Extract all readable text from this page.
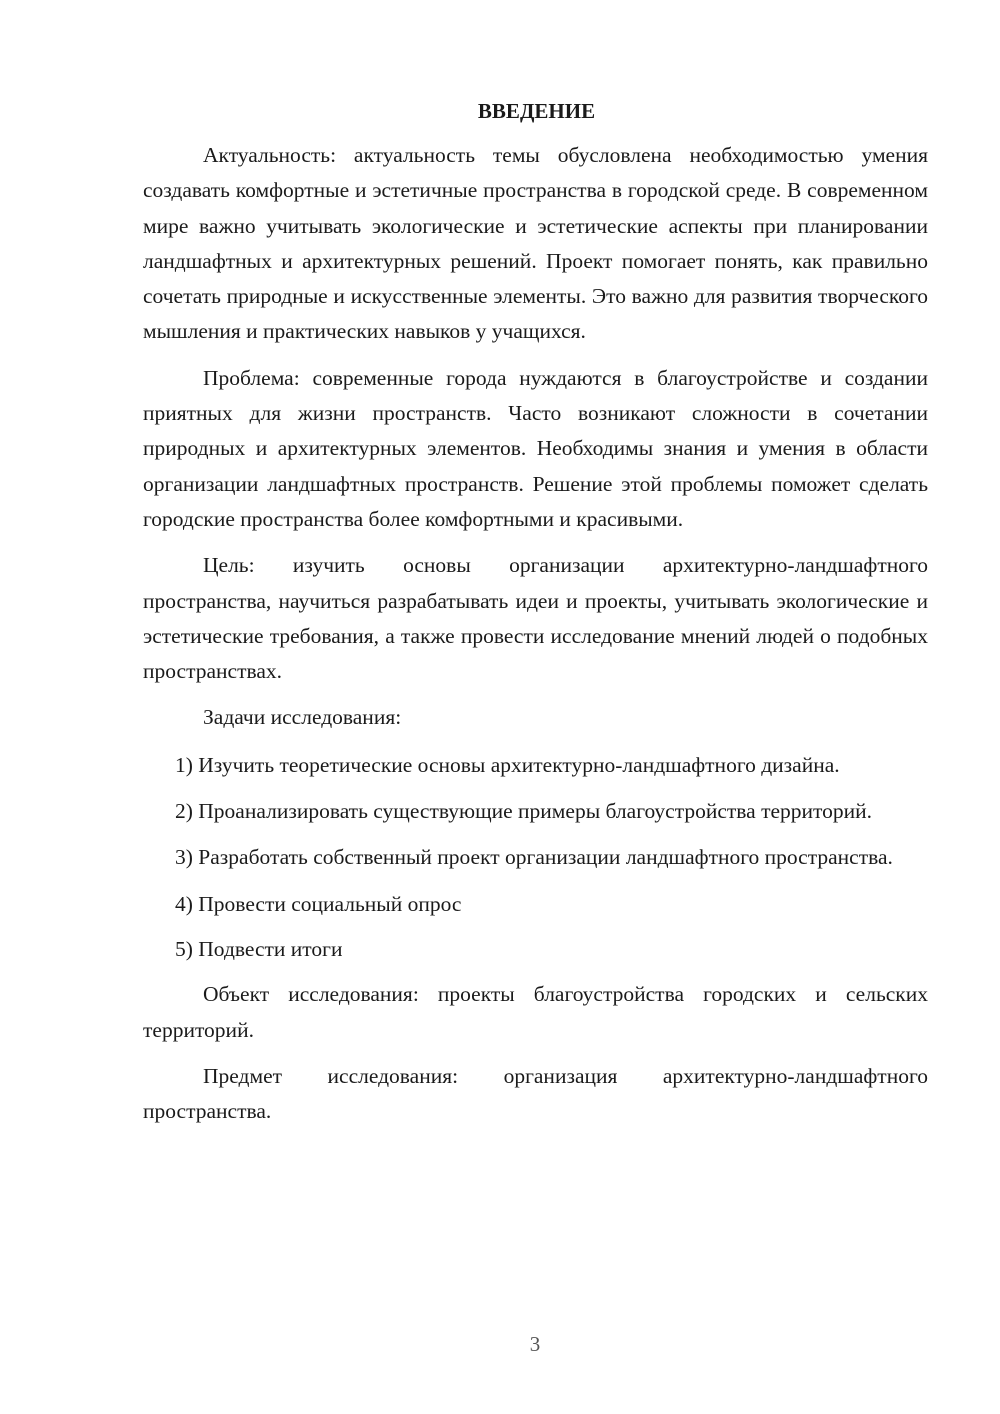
ВВЕДЕНИЕ

Актуальность: актуальность темы обусловлена необходимостью умения создавать комфортные и эстетичные пространства в городской среде. В современном мире важно учитывать экологические и эстетические аспекты при планировании ландшафтных и архитектурных решений. Проект помогает понять, как правильно сочетать природные и искусственные элементы. Это важно для развития творческого мышления и практических навыков у учащихся.

Проблема: современные города нуждаются в благоустройстве и создании приятных для жизни пространств. Часто возникают сложности в сочетании природных и архитектурных элементов. Необходимы знания и умения в области организации ландшафтных пространств. Решение этой проблемы поможет сделать городские пространства более комфортными и красивыми.

Цель: изучить основы организации архитектурно-ландшафтного пространства, научиться разрабатывать идеи и проекты, учитывать экологические и эстетические требования, а также провести исследование мнений людей о подобных пространствах.

Задачи исследования:

1) Изучить теоретические основы архитектурно-ландшафтного дизайна.

2) Проанализировать существующие примеры благоустройства территорий.

3) Разработать собственный проект организации ландшафтного пространства.

4) Провести социальный опрос

5) Подвести итоги

Объект исследования: проекты благоустройства городских и сельских территорий.

Предмет исследования: организация архитектурно-ландшафтного пространства.

3
